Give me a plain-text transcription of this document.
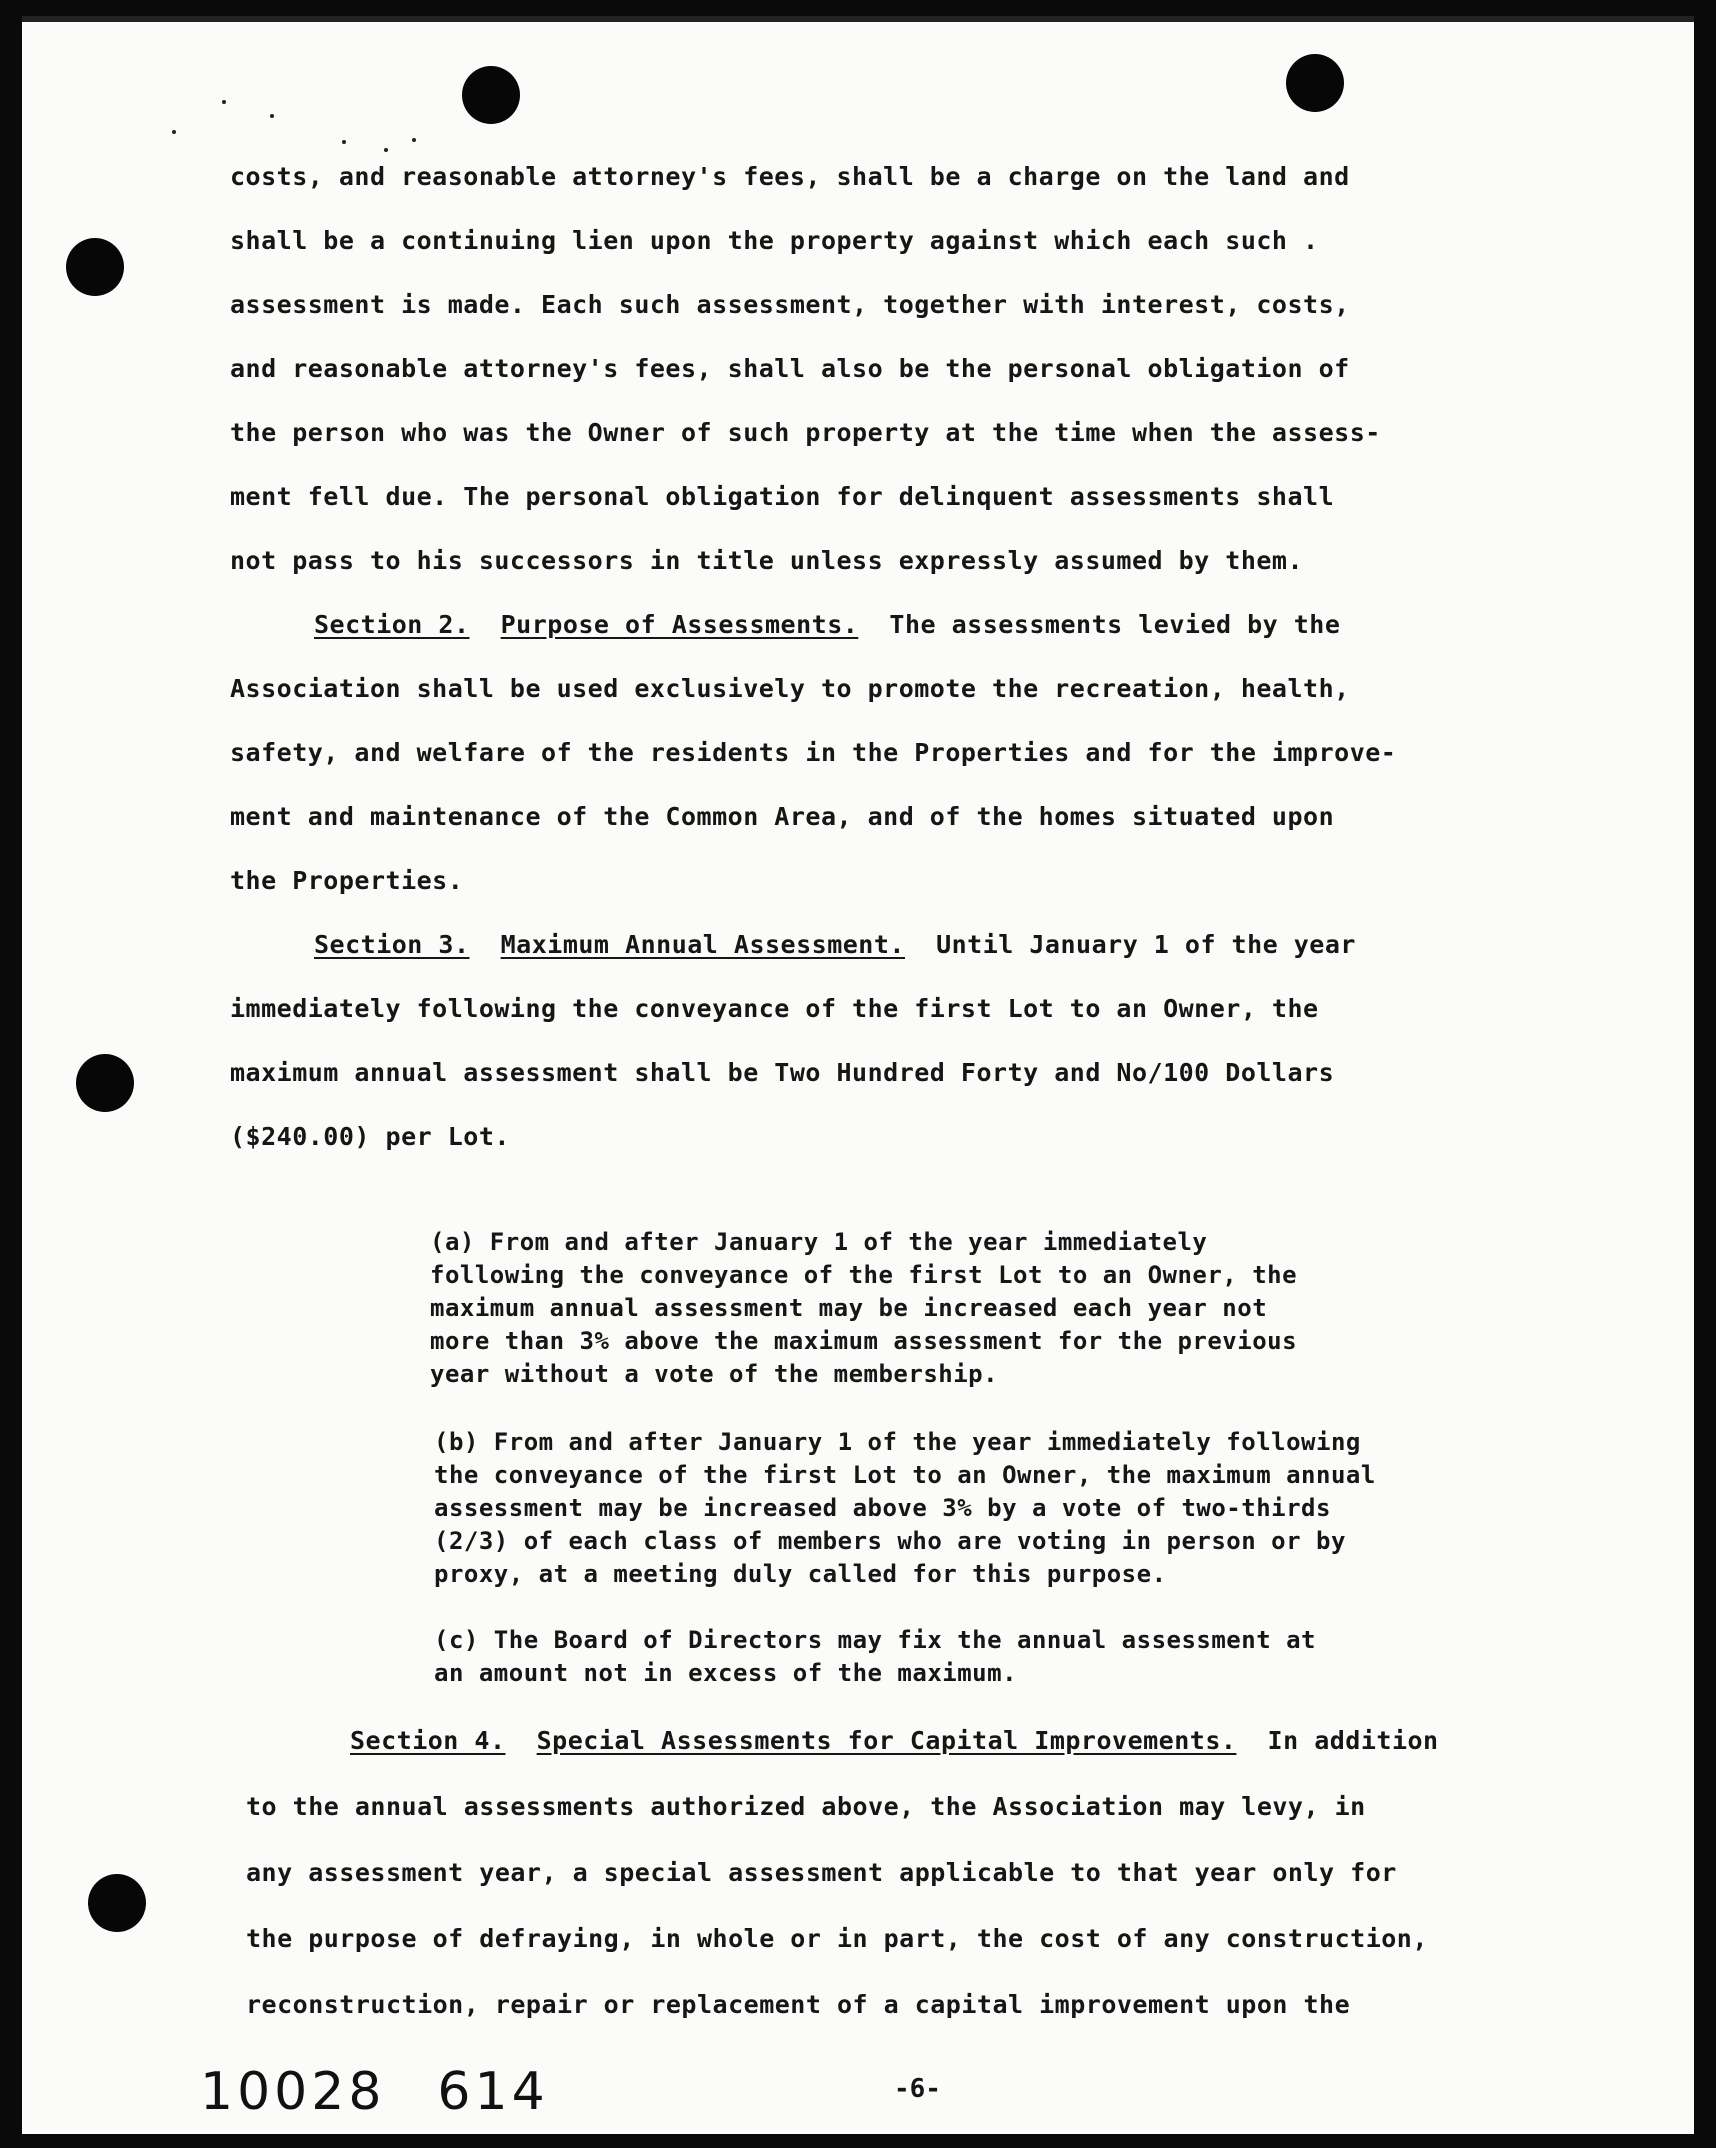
costs, and reasonable attorney's fees, shall be a charge on the land and
shall be a continuing lien upon the property against which each such .
assessment is made. Each such assessment, together with interest, costs,
and reasonable attorney's fees, shall also be the personal obligation of
the person who was the Owner of such property at the time when the assess-
ment fell due. The personal obligation for delinquent assessments shall
not pass to his successors in title unless expressly assumed by them.
Section 2. Purpose of Assessments. The assessments levied by the
Association shall be used exclusively to promote the recreation, health,
safety, and welfare of the residents in the Properties and for the improve-
ment and maintenance of the Common Area, and of the homes situated upon
the Properties.
Section 3. Maximum Annual Assessment. Until January 1 of the year
immediately following the conveyance of the first Lot to an Owner, the
maximum annual assessment shall be Two Hundred Forty and No/100 Dollars
($240.00) per Lot.
(a) From and after January 1 of the year immediately
following the conveyance of the first Lot to an Owner, the
maximum annual assessment may be increased each year not
more than 3% above the maximum assessment for the previous
year without a vote of the membership.
(b) From and after January 1 of the year immediately following
the conveyance of the first Lot to an Owner, the maximum annual
assessment may be increased above 3% by a vote of two-thirds
(2/3) of each class of members who are voting in person or by
proxy, at a meeting duly called for this purpose.
(c) The Board of Directors may fix the annual assessment at
an amount not in excess of the maximum.
Section 4. Special Assessments for Capital Improvements. In addition
to the annual assessments authorized above, the Association may levy, in
any assessment year, a special assessment applicable to that year only for
the purpose of defraying, in whole or in part, the cost of any construction,
reconstruction, repair or replacement of a capital improvement upon the
10028 614	-6-
